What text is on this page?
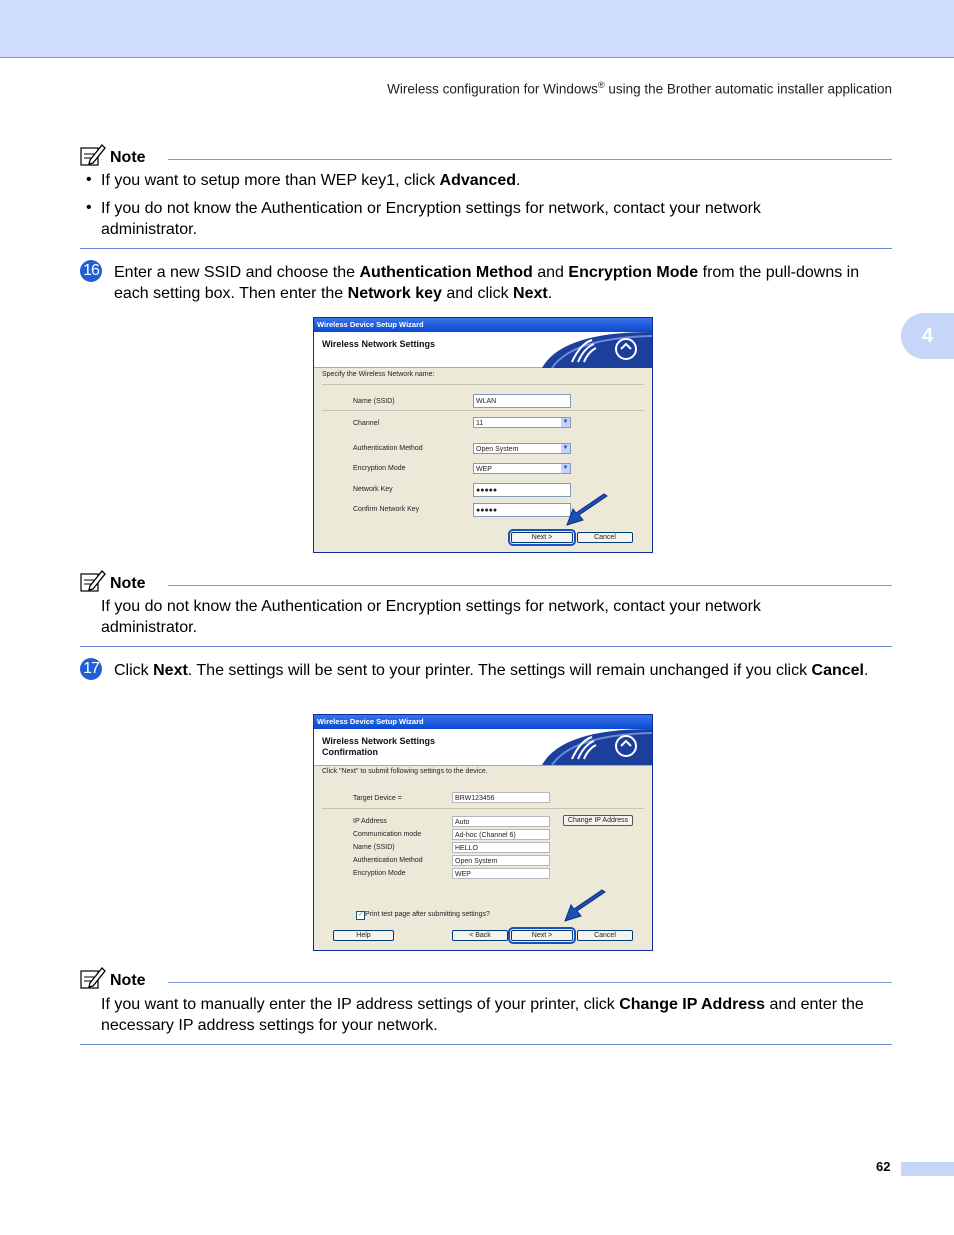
Wireless configuration for Windows® using the Brother automatic installer application
4
Note
• If you want to setup more than WEP key1, click Advanced.
• If you do not know the Authentication or Encryption settings for network, contact your network administrator.
16 Enter a new SSID and choose the Authentication Method and Encryption Mode from the pull-downs in each setting box. Then enter the Network key and click Next.
Wireless Device Setup Wizard
Wireless Network Settings
Specify the Wireless Network name:
Name (SSID)	WLAN
Channel	11	▼
Authentication Method	Open System	▼
Encryption Mode	WEP	▼
Network Key	●●●●●
Confirm Network Key	●●●●●
Next >	Cancel
Note
If you do not know the Authentication or Encryption settings for network, contact your network administrator.
17 Click Next. The settings will be sent to your printer. The settings will remain unchanged if you click Cancel.
Wireless Device Setup Wizard
Wireless Network Settings
Confirmation
Click "Next" to submit following settings to the device.
Target Device =	BRW123456
Change IP Address
IP Address	Auto
Communication mode	Ad-hoc (Channel 6)
Name (SSID)	HELLO
Authentication Method	Open System
Encryption Mode	WEP
✓ Print test page after submitting settings?
Help	< Back	Next >	Cancel
Note
If you want to manually enter the IP address settings of your printer, click Change IP Address and enter the necessary IP address settings for your network.
62
